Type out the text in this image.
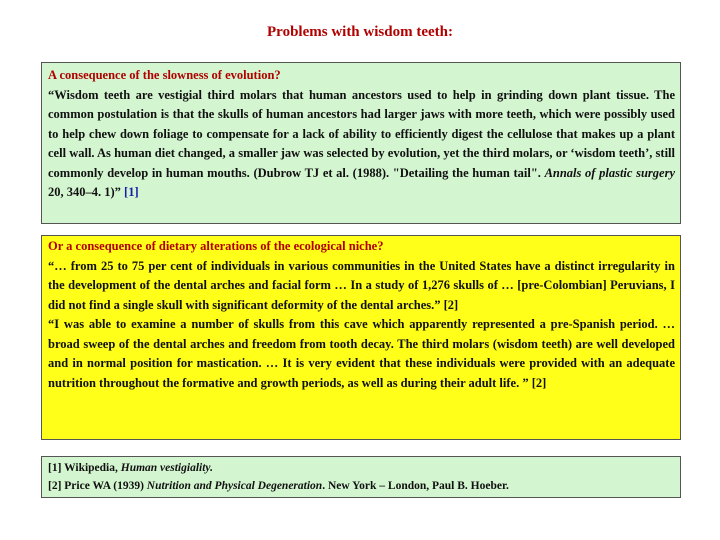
Problems with wisdom teeth:
A consequence of the slowness of evolution?

“Wisdom teeth are vestigial third molars that human ancestors used to help in grinding down plant tissue. The common postulation is that the skulls of human ancestors had larger jaws with more teeth, which were possibly used to help chew down foliage to compensate for a lack of ability to efficiently digest the cellulose that makes up a plant cell wall. As human diet changed, a smaller jaw was selected by evolution, yet the third molars, or ‘wisdom teeth’, still commonly develop in human mouths. (Dubrow TJ et al. (1988). "Detailing the human tail". Annals of plastic surgery 20, 340–4. 1)” [1]

Or a consequence of dietary alterations of the ecological niche?

“… from 25 to 75 per cent of individuals in various communities in the United States have a distinct irregularity in the development of the dental arches and facial form … In a study of 1,276 skulls of … [pre-Colombian] Peruvians, I did not find a single skull with significant deformity of the dental arches.” [2]

“I was able to examine a number of skulls from this cave which apparently represented a pre-Spanish period. … broad sweep of the dental arches and freedom from tooth decay. The third molars (wisdom teeth) are well developed and in normal position for mastication. … It is very evident that these individuals were provided with an adequate nutrition throughout the formative and growth periods, as well as during their adult life. ” [2]

[1] Wikipedia, Human vestigiality.

[2] Price WA (1939) Nutrition and Physical Degeneration. New York – London, Paul B. Hoeber.
